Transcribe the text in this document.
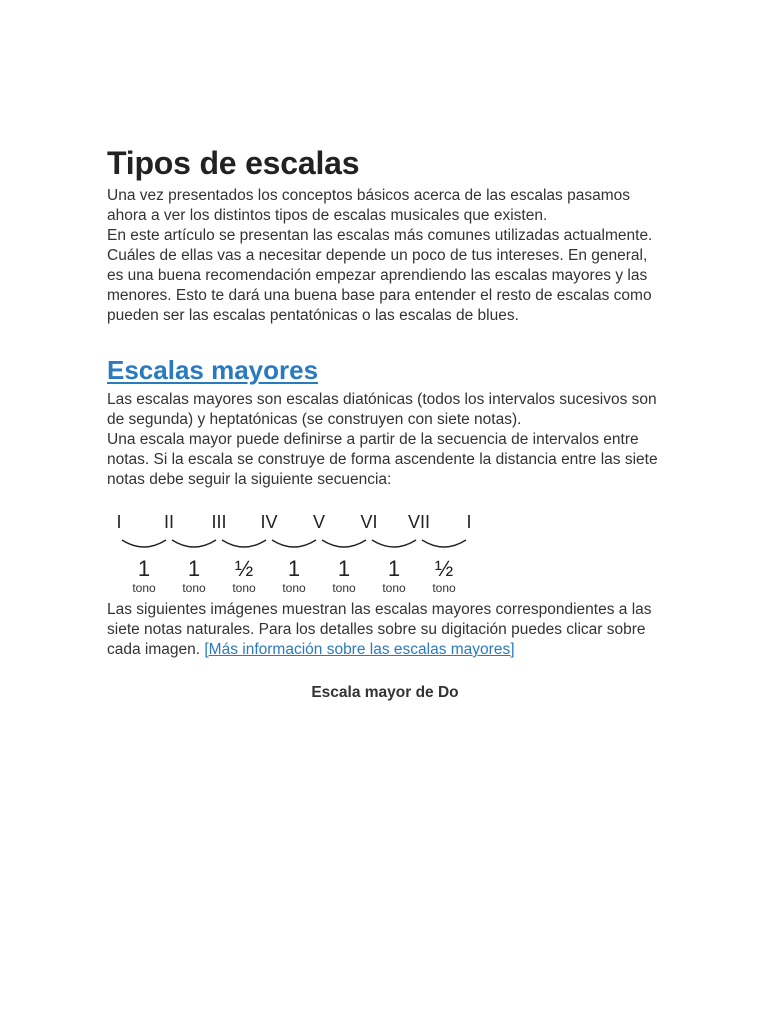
Tipos de escalas

Una vez presentados los conceptos básicos acerca de las escalas pasamos ahora a ver los distintos tipos de escalas musicales que existen.

En este artículo se presentan las escalas más comunes utilizadas actualmente. Cuáles de ellas vas a necesitar depende un poco de tus intereses. En general, es una buena recomendación empezar aprendiendo las escalas mayores y las menores. Esto te dará una buena base para entender el resto de escalas como pueden ser las escalas pentatónicas o las escalas de blues.

Escalas mayores

Las escalas mayores son escalas diatónicas (todos los intervalos sucesivos son de segunda) y heptatónicas (se construyen con siete notas).

Una escala mayor puede definirse a partir de la secuencia de intervalos entre notas. Si la escala se construye de forma ascendente la distancia entre las siete notas debe seguir la siguiente secuencia:

I II III IV V VI VII I
1
tono
1
tono
½
tono
1
tono
1
tono
1
tono
½
tono

Las siguientes imágenes muestran las escalas mayores correspondientes a las siete notas naturales. Para los detalles sobre su digitación puedes clicar sobre cada imagen. [Más información sobre las escalas mayores]

Escala mayor de Do
